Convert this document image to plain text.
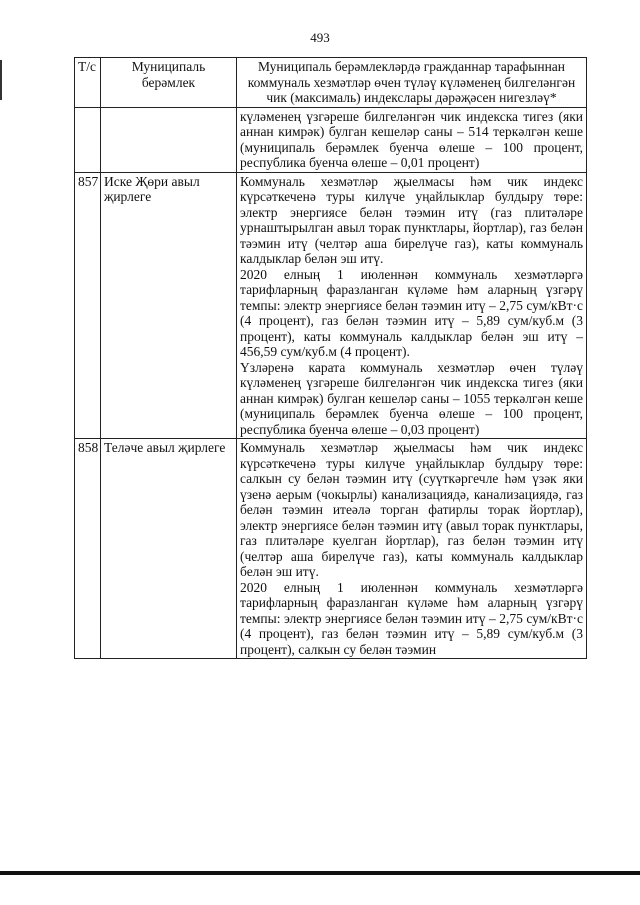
493
Т/с	Муниципаль берәмлек	Муниципаль берәмлекләрдә гражданнар тарафыннан коммуналь хезмәтләр өчен түләү күләменең билгеләнгән чик (максималь) индекслары дәрәҗәсен нигезләү*

		күләменең үзгәреше билгеләнгән чик индекска тигез (яки аннан кимрәк) булган кешеләр саны – 514 теркәлгән кеше (муниципаль берәмлек буенча өлеше – 100 процент, республика буенча өлеше – 0,01 процент)

857	Иске Җөри авыл җирлеге	Коммуналь хезмәтләр җыелмасы һәм чик индекс күрсәткеченә туры килүче уңайлыклар булдыру төре: электр энергиясе белән тәэмин итү (газ плитәләре урнаштырылган авыл торак пунктлары, йортлар), газ белән тәэмин итү (челтәр аша бирелүче газ), каты коммуналь калдыклар белән эш итү.

2020 елның 1 июленнән коммуналь хезмәтләргә тарифларның фаразланган күләме һәм аларның үзгәрү темпы: электр энергиясе белән тәэмин итү – 2,75 сум/кВт·с (4 процент), газ белән тәэмин итү – 5,89 сум/куб.м (3 процент), каты коммуналь калдыклар белән эш итү – 456,59 сум/куб.м (4 процент).

Үзләренә карата коммуналь хезмәтләр өчен түләү күләменең үзгәреше билгеләнгән чик индекска тигез (яки аннан кимрәк) булган кешеләр саны – 1055 теркәлгән кеше (муниципаль берәмлек буенча өлеше – 100 процент, республика буенча өлеше – 0,03 процент)

858	Теләче авыл җирлеге	Коммуналь хезмәтләр җыелмасы һәм чик индекс күрсәткеченә туры килүче уңайлыклар булдыру төре: салкын су белән тәэмин итү (суүткәргечле һәм үзәк яки үзенә аерым (чокырлы) канализациядә, канализациядә, газ белән тәэмин итеәлә торган фатирлы торак йортлар), электр энергиясе белән тәэмин итү (авыл торак пунктлары, газ плитәләре куелган йортлар), газ белән тәэмин итү (челтәр аша бирелүче газ), каты коммуналь калдыклар белән эш итү.

2020 елның 1 июленнән коммуналь хезмәтләргә тарифларның фаразланган күләме һәм аларның үзгәрү темпы: электр энергиясе белән тәэмин итү – 2,75 сум/кВт·с (4 процент), газ белән тәэмин итү – 5,89 сум/куб.м (3 процент), салкын су белән тәэмин
